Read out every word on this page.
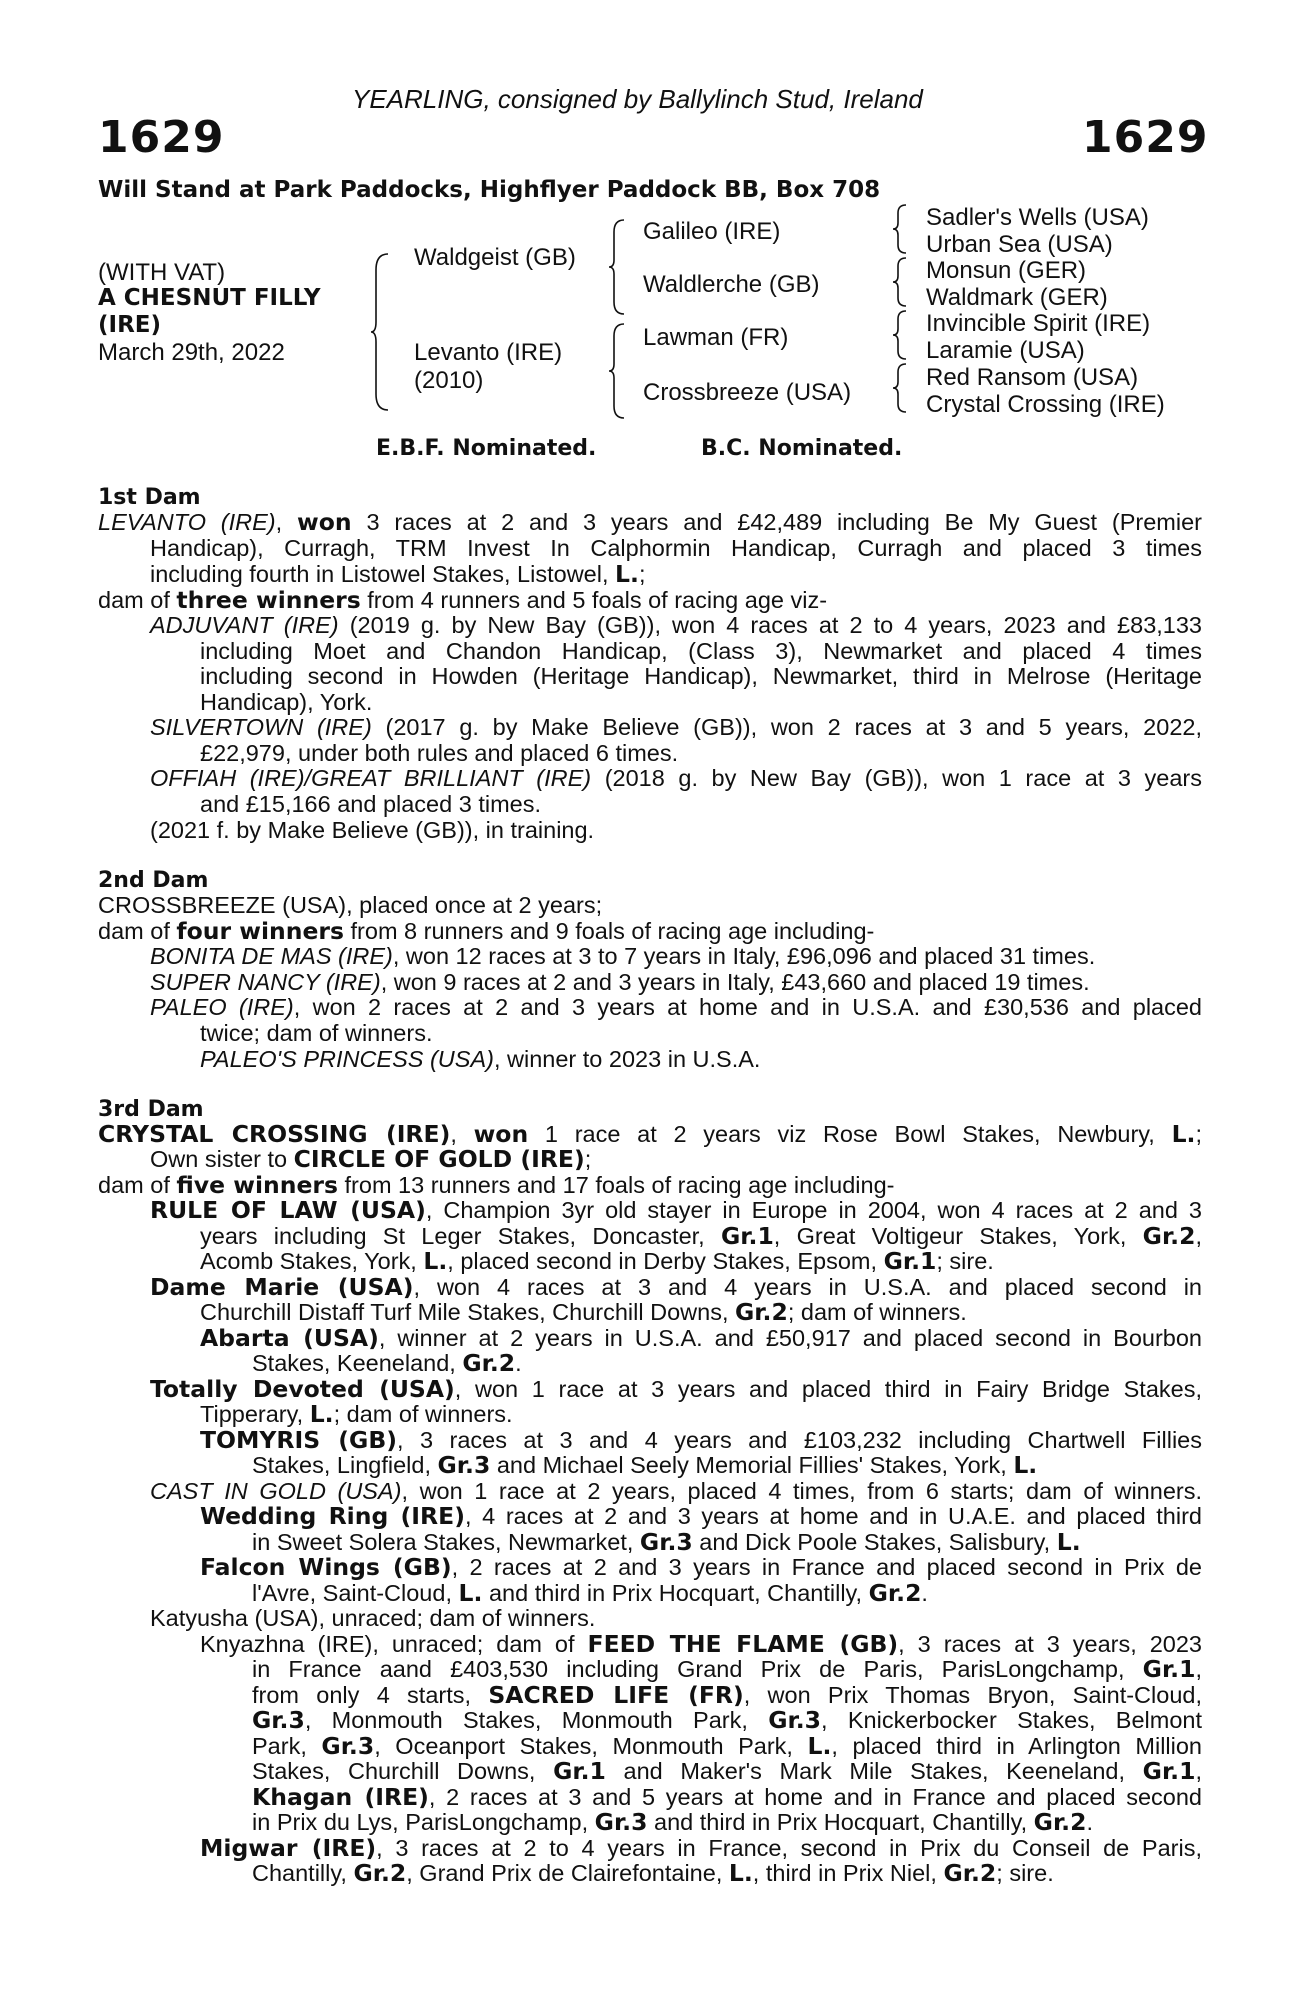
YEARLING, consigned by Ballylinch Stud, Ireland
1629	1629
Will Stand at Park Paddocks, Highflyer Paddock BB, Box 708
(WITH VAT)
A CHESNUT FILLY
(IRE)
March 29th, 2022
Waldgeist (GB)
Levanto (IRE)
(2010)
Galileo (IRE)
Waldlerche (GB)
Lawman (FR)
Crossbreeze (USA)
Sadler's Wells (USA)
Urban Sea (USA)
Monsun (GER)
Waldmark (GER)
Invincible Spirit (IRE)
Laramie (USA)
Red Ransom (USA)
Crystal Crossing (IRE)
E.B.F. Nominated.	B.C. Nominated.
1st Dam
LEVANTO (IRE), won 3 races at 2 and 3 years and £42,489 including Be My Guest (Premier
Handicap), Curragh, TRM Invest In Calphormin Handicap, Curragh and placed 3 times
including fourth in Listowel Stakes, Listowel, L.;
dam of three winners from 4 runners and 5 foals of racing age viz-
ADJUVANT (IRE) (2019 g. by New Bay (GB)), won 4 races at 2 to 4 years, 2023 and £83,133
including Moet and Chandon Handicap, (Class 3), Newmarket and placed 4 times
including second in Howden (Heritage Handicap), Newmarket, third in Melrose (Heritage
Handicap), York.
SILVERTOWN (IRE) (2017 g. by Make Believe (GB)), won 2 races at 3 and 5 years, 2022,
£22,979, under both rules and placed 6 times.
OFFIAH (IRE)/GREAT BRILLIANT (IRE) (2018 g. by New Bay (GB)), won 1 race at 3 years
and £15,166 and placed 3 times.
(2021 f. by Make Believe (GB)), in training.
2nd Dam
CROSSBREEZE (USA), placed once at 2 years;
dam of four winners from 8 runners and 9 foals of racing age including-
BONITA DE MAS (IRE), won 12 races at 3 to 7 years in Italy, £96,096 and placed 31 times.
SUPER NANCY (IRE), won 9 races at 2 and 3 years in Italy, £43,660 and placed 19 times.
PALEO (IRE), won 2 races at 2 and 3 years at home and in U.S.A. and £30,536 and placed
twice; dam of winners.
PALEO'S PRINCESS (USA), winner to 2023 in U.S.A.
3rd Dam
CRYSTAL CROSSING (IRE), won 1 race at 2 years viz Rose Bowl Stakes, Newbury, L.;
Own sister to CIRCLE OF GOLD (IRE);
dam of five winners from 13 runners and 17 foals of racing age including-
RULE OF LAW (USA), Champion 3yr old stayer in Europe in 2004, won 4 races at 2 and 3
years including St Leger Stakes, Doncaster, Gr.1, Great Voltigeur Stakes, York, Gr.2,
Acomb Stakes, York, L., placed second in Derby Stakes, Epsom, Gr.1; sire.
Dame Marie (USA), won 4 races at 3 and 4 years in U.S.A. and placed second in
Churchill Distaff Turf Mile Stakes, Churchill Downs, Gr.2; dam of winners.
Abarta (USA), winner at 2 years in U.S.A. and £50,917 and placed second in Bourbon
Stakes, Keeneland, Gr.2.
Totally Devoted (USA), won 1 race at 3 years and placed third in Fairy Bridge Stakes,
Tipperary, L.; dam of winners.
TOMYRIS (GB), 3 races at 3 and 4 years and £103,232 including Chartwell Fillies
Stakes, Lingfield, Gr.3 and Michael Seely Memorial Fillies' Stakes, York, L.
CAST IN GOLD (USA), won 1 race at 2 years, placed 4 times, from 6 starts; dam of winners.
Wedding Ring (IRE), 4 races at 2 and 3 years at home and in U.A.E. and placed third
in Sweet Solera Stakes, Newmarket, Gr.3 and Dick Poole Stakes, Salisbury, L.
Falcon Wings (GB), 2 races at 2 and 3 years in France and placed second in Prix de
l'Avre, Saint-Cloud, L. and third in Prix Hocquart, Chantilly, Gr.2.
Katyusha (USA), unraced; dam of winners.
Knyazhna (IRE), unraced; dam of FEED THE FLAME (GB), 3 races at 3 years, 2023
in France aand £403,530 including Grand Prix de Paris, ParisLongchamp, Gr.1,
from only 4 starts, SACRED LIFE (FR), won Prix Thomas Bryon, Saint-Cloud,
Gr.3, Monmouth Stakes, Monmouth Park, Gr.3, Knickerbocker Stakes, Belmont
Park, Gr.3, Oceanport Stakes, Monmouth Park, L., placed third in Arlington Million
Stakes, Churchill Downs, Gr.1 and Maker's Mark Mile Stakes, Keeneland, Gr.1,
Khagan (IRE), 2 races at 3 and 5 years at home and in France and placed second
in Prix du Lys, ParisLongchamp, Gr.3 and third in Prix Hocquart, Chantilly, Gr.2.
Migwar (IRE), 3 races at 2 to 4 years in France, second in Prix du Conseil de Paris,
Chantilly, Gr.2, Grand Prix de Clairefontaine, L., third in Prix Niel, Gr.2; sire.
